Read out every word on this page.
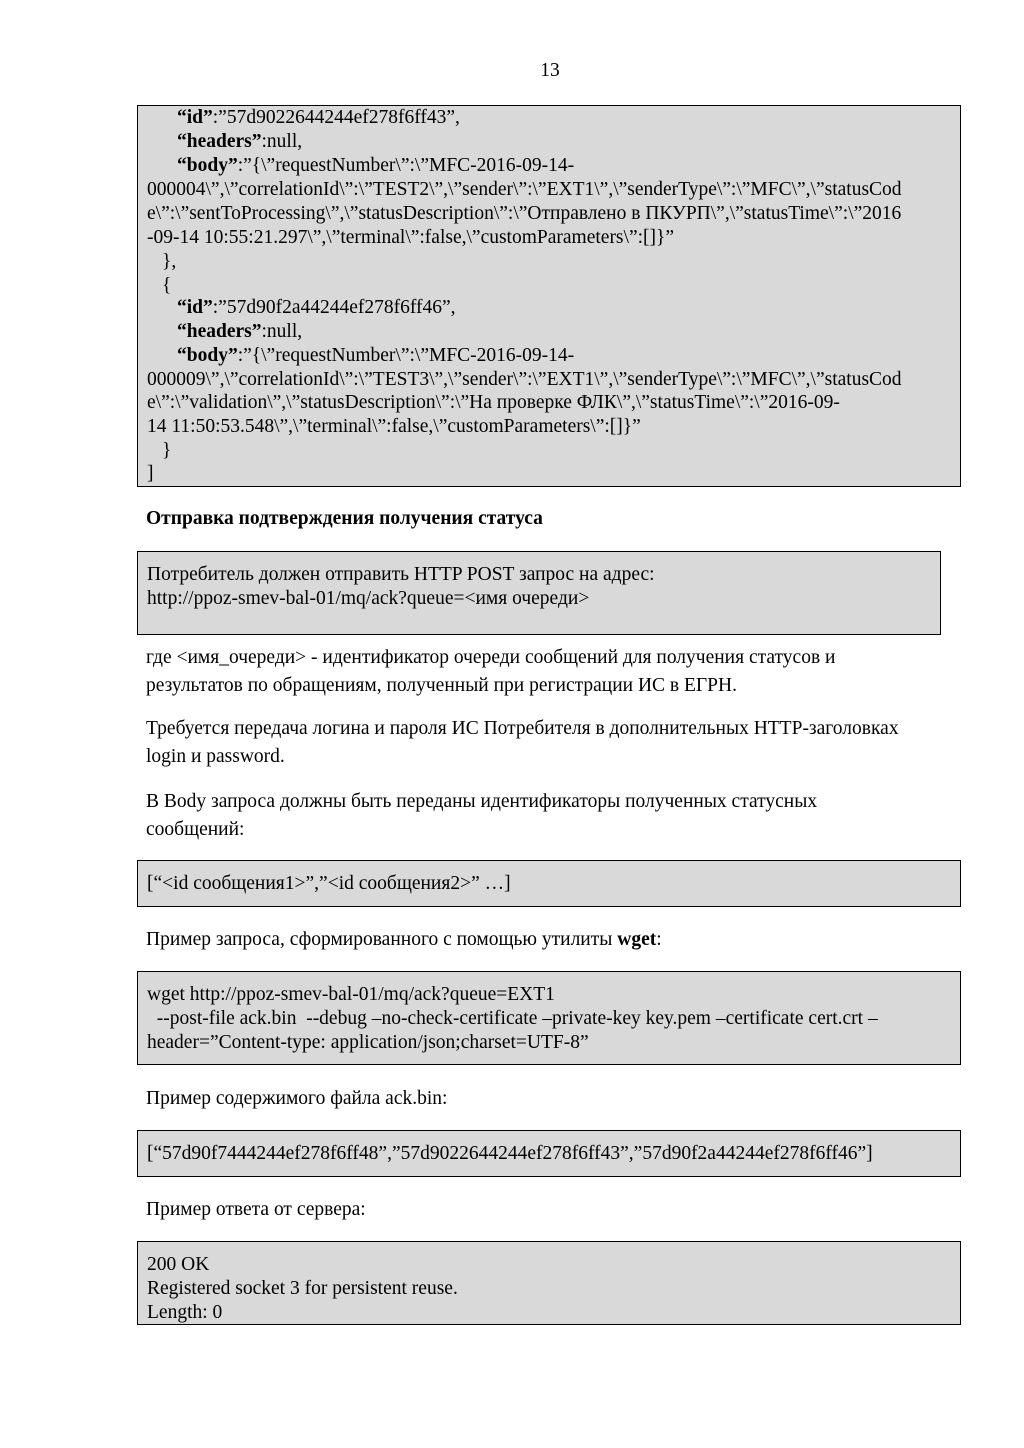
13
“id”:”57d9022644244ef278f6ff43”,
“headers”:null,
“body”:”{\”requestNumber\”:\”MFC-2016-09-14-
000004\”,\”correlationId\”:\”TEST2\”,\”sender\”:\”EXT1\”,\”senderType\”:\”MFC\”,\”statusCod
e\”:\”sentToProcessing\”,\”statusDescription\”:\”Отправлено в ПКУРП\”,\”statusTime\”:\”2016
-09-14 10:55:21.297\”,\”terminal\”:false,\”customParameters\”:[]}”
},
{
“id”:”57d90f2a44244ef278f6ff46”,
“headers”:null,
“body”:”{\”requestNumber\”:\”MFC-2016-09-14-
000009\”,\”correlationId\”:\”TEST3\”,\”sender\”:\”EXT1\”,\”senderType\”:\”MFC\”,\”statusCod
e\”:\”validation\”,\”statusDescription\”:\”На проверке ФЛК\”,\”statusTime\”:\”2016-09-
14 11:50:53.548\”,\”terminal\”:false,\”customParameters\”:[]}”
}
]
Отправка подтверждения получения статуса
Потребитель должен отправить HTTP POST запрос на адрес:
http://ppoz-smev-bal-01/mq/ack?queue=<имя очереди>
где <имя_очереди> - идентификатор очереди сообщений для получения статусов и
результатов по обращениям, полученный при регистрации ИС в ЕГРН.
Требуется передача логина и пароля ИС Потребителя в дополнительных HTTP-заголовках
login и password.
В Body запроса должны быть переданы идентификаторы полученных статусных
сообщений:
[“<id сообщения1>”,”<id сообщения2>” …]
Пример запроса, сформированного с помощью утилиты wget:
wget http://ppoz-smev-bal-01/mq/ack?queue=EXT1
--post-file ack.bin  --debug –no-check-certificate –private-key key.pem –certificate cert.crt –
header=”Content-type: application/json;charset=UTF-8”
Пример содержимого файла ack.bin:
[“57d90f7444244ef278f6ff48”,”57d9022644244ef278f6ff43”,”57d90f2a44244ef278f6ff46”]
Пример ответа от сервера:
200 OK
Registered socket 3 for persistent reuse.
Length: 0
